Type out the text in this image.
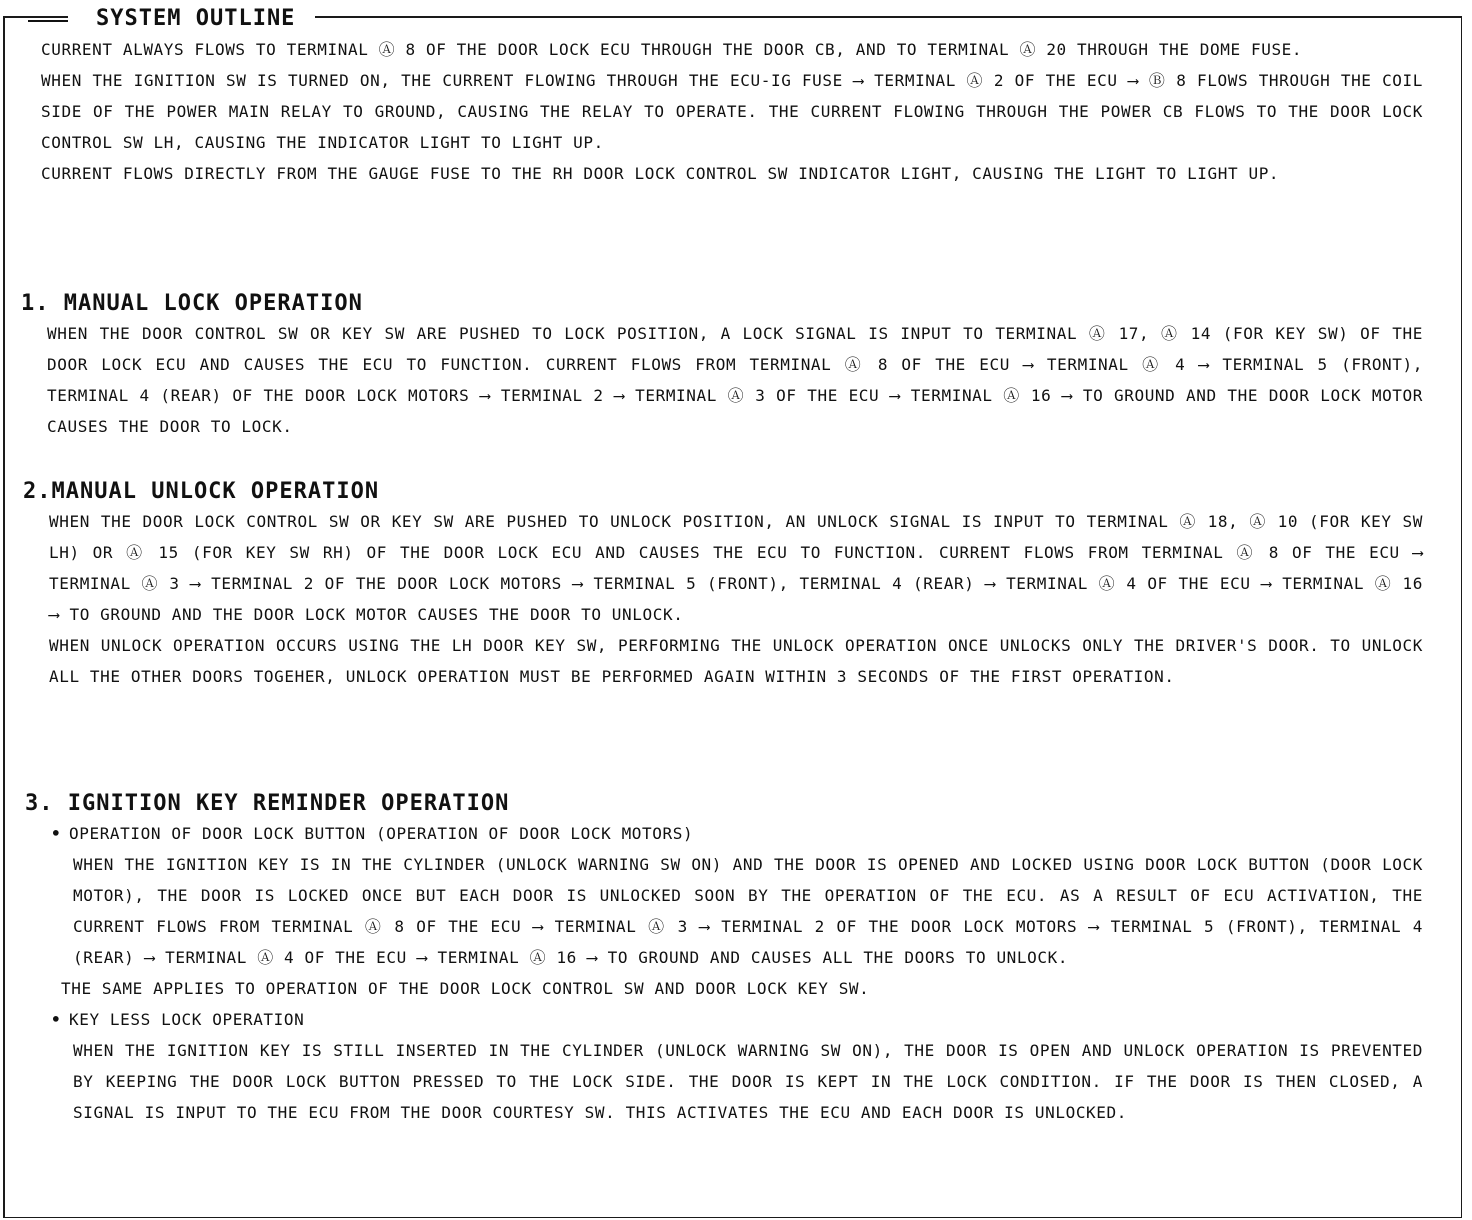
CURRENT ALWAYS FLOWS TO TERMINAL Ⓐ 8 OF THE DOOR LOCK ECU THROUGH THE DOOR CB, AND TO TERMINAL Ⓐ 20 THROUGH THE DOME FUSE.

WHEN THE IGNITION SW IS TURNED ON, THE CURRENT FLOWING THROUGH THE ECU-IG FUSE ⟶ TERMINAL Ⓐ 2 OF THE ECU ⟶ Ⓑ 8 FLOWS THROUGH THE COIL SIDE OF THE POWER MAIN RELAY TO GROUND, CAUSING THE RELAY TO OPERATE. THE CURRENT FLOWING THROUGH THE POWER CB FLOWS TO THE DOOR LOCK CONTROL SW LH, CAUSING THE INDICATOR LIGHT TO LIGHT UP.

CURRENT FLOWS DIRECTLY FROM THE GAUGE FUSE TO THE RH DOOR LOCK CONTROL SW INDICATOR LIGHT, CAUSING THE LIGHT TO LIGHT UP.

1. MANUAL LOCK OPERATION

WHEN THE DOOR CONTROL SW OR KEY SW ARE PUSHED TO LOCK POSITION, A LOCK SIGNAL IS INPUT TO TERMINAL Ⓐ 17, Ⓐ 14 (FOR KEY SW) OF THE DOOR LOCK ECU AND CAUSES THE ECU TO FUNCTION. CURRENT FLOWS FROM TERMINAL Ⓐ 8 OF THE ECU ⟶ TERMINAL Ⓐ 4 ⟶ TERMINAL 5 (FRONT), TERMINAL 4 (REAR) OF THE DOOR LOCK MOTORS ⟶ TERMINAL 2 ⟶ TERMINAL Ⓐ 3 OF THE ECU ⟶ TERMINAL Ⓐ 16 ⟶ TO GROUND AND THE DOOR LOCK MOTOR CAUSES THE DOOR TO LOCK.

2.MANUAL UNLOCK OPERATION

WHEN THE DOOR LOCK CONTROL SW OR KEY SW ARE PUSHED TO UNLOCK POSITION, AN UNLOCK SIGNAL IS INPUT TO TERMINAL Ⓐ 18, Ⓐ 10 (FOR KEY SW LH) OR Ⓐ 15 (FOR KEY SW RH) OF THE DOOR LOCK ECU AND CAUSES THE ECU TO FUNCTION. CURRENT FLOWS FROM TERMINAL Ⓐ 8 OF THE ECU ⟶ TERMINAL Ⓐ 3 ⟶ TERMINAL 2 OF THE DOOR LOCK MOTORS ⟶ TERMINAL 5 (FRONT), TERMINAL 4 (REAR) ⟶ TERMINAL Ⓐ 4 OF THE ECU ⟶ TERMINAL Ⓐ 16 ⟶ TO GROUND AND THE DOOR LOCK MOTOR CAUSES THE DOOR TO UNLOCK.

WHEN UNLOCK OPERATION OCCURS USING THE LH DOOR KEY SW, PERFORMING THE UNLOCK OPERATION ONCE UNLOCKS ONLY THE DRIVER'S DOOR. TO UNLOCK ALL THE OTHER DOORS TOGEHER, UNLOCK OPERATION MUST BE PERFORMED AGAIN WITHIN 3 SECONDS OF THE FIRST OPERATION.

3. IGNITION KEY REMINDER OPERATION

• OPERATION OF DOOR LOCK BUTTON (OPERATION OF DOOR LOCK MOTORS)

WHEN THE IGNITION KEY IS IN THE CYLINDER (UNLOCK WARNING SW ON) AND THE DOOR IS OPENED AND LOCKED USING DOOR LOCK BUTTON (DOOR LOCK MOTOR), THE DOOR IS LOCKED ONCE BUT EACH DOOR IS UNLOCKED SOON BY THE OPERATION OF THE ECU. AS A RESULT OF ECU ACTIVATION, THE CURRENT FLOWS FROM TERMINAL Ⓐ 8 OF THE ECU ⟶ TERMINAL Ⓐ 3 ⟶ TERMINAL 2 OF THE DOOR LOCK MOTORS ⟶ TERMINAL 5 (FRONT), TERMINAL 4 (REAR) ⟶ TERMINAL Ⓐ 4 OF THE ECU ⟶ TERMINAL Ⓐ 16 ⟶ TO GROUND AND CAUSES ALL THE DOORS TO UNLOCK.

THE SAME APPLIES TO OPERATION OF THE DOOR LOCK CONTROL SW AND DOOR LOCK KEY SW.

• KEY LESS LOCK OPERATION

WHEN THE IGNITION KEY IS STILL INSERTED IN THE CYLINDER (UNLOCK WARNING SW ON), THE DOOR IS OPEN AND UNLOCK OPERATION IS PREVENTED BY KEEPING THE DOOR LOCK BUTTON PRESSED TO THE LOCK SIDE. THE DOOR IS KEPT IN THE LOCK CONDITION. IF THE DOOR IS THEN CLOSED, A SIGNAL IS INPUT TO THE ECU FROM THE DOOR COURTESY SW. THIS ACTIVATES THE ECU AND EACH DOOR IS UNLOCKED.

SYSTEM OUTLINE
